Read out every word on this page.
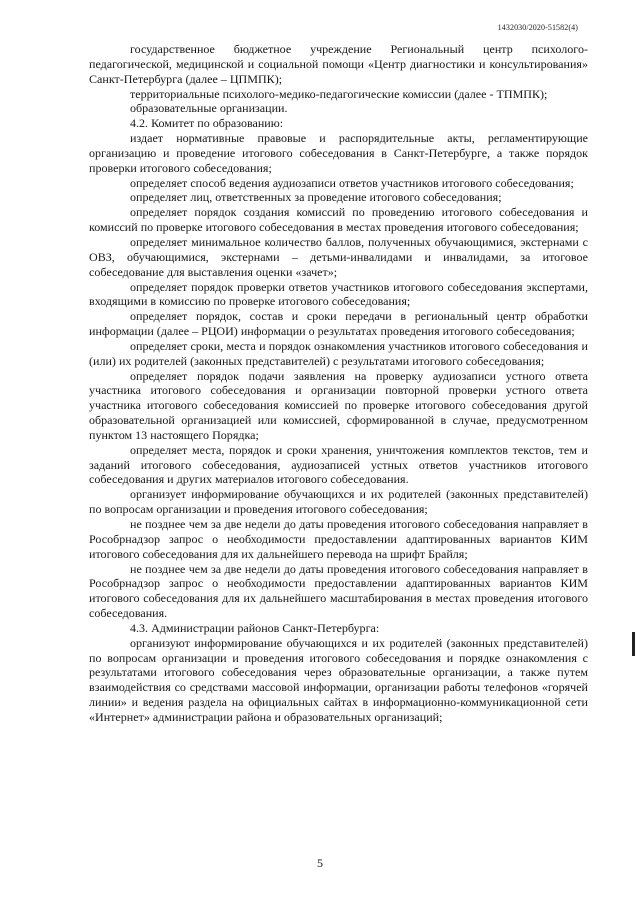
1432030/2020-51582(4)

государственное бюджетное учреждение Региональный центр психолого-педагогической, медицинской и социальной помощи «Центр диагностики и консультирования» Санкт-Петербурга (далее – ЦПМПК);

территориальные психолого-медико-педагогические комиссии (далее - ТПМПК);

образовательные организации.

4.2. Комитет по образованию:

издает нормативные правовые и распорядительные акты, регламентирующие организацию и проведение итогового собеседования в Санкт-Петербурге, а также порядок проверки итогового собеседования;

определяет способ ведения аудиозаписи ответов участников итогового собеседования;

определяет лиц, ответственных за проведение итогового собеседования;

определяет порядок создания комиссий по проведению итогового собеседования и комиссий по проверке итогового собеседования в местах проведения итогового собеседования;

определяет минимальное количество баллов, полученных обучающимися, экстернами с ОВЗ, обучающимися, экстернами – детьми-инвалидами и инвалидами, за итоговое собеседование для выставления оценки «зачет»;

определяет порядок проверки ответов участников итогового собеседования экспертами, входящими в комиссию по проверке итогового собеседования;

определяет порядок, состав и сроки передачи в региональный центр обработки информации (далее – РЦОИ) информации о результатах проведения итогового собеседования;

определяет сроки, места и порядок ознакомления участников итогового собеседования и (или) их родителей (законных представителей) с результатами итогового собеседования;

определяет порядок подачи заявления на проверку аудиозаписи устного ответа участника итогового собеседования и организации повторной проверки устного ответа участника итогового собеседования комиссией по проверке итогового собеседования другой образовательной организацией или комиссией, сформированной в случае, предусмотренном пунктом 13 настоящего Порядка;

определяет места, порядок и сроки хранения, уничтожения комплектов текстов, тем и заданий итогового собеседования, аудиозаписей устных ответов участников итогового собеседования и других материалов итогового собеседования.

организует информирование обучающихся и их родителей (законных представителей) по вопросам организации и проведения итогового собеседования;

не позднее чем за две недели до даты проведения итогового собеседования направляет в Рособрнадзор запрос о необходимости предоставлении адаптированных вариантов КИМ итогового собеседования для их дальнейшего перевода на шрифт Брайля;

не позднее чем за две недели до даты проведения итогового собеседования направляет в Рособрнадзор запрос о необходимости предоставлении адаптированных вариантов КИМ итогового собеседования для их дальнейшего масштабирования в местах проведения итогового собеседования.

4.3. Администрации районов Санкт-Петербурга:

организуют информирование обучающихся и их родителей (законных представителей) по вопросам организации и проведения итогового собеседования и порядке ознакомления с результатами итогового собеседования через образовательные организации, а также путем взаимодействия со средствами массовой информации, организации работы телефонов «горячей линии» и ведения раздела на официальных сайтах в информационно-коммуникационной сети «Интернет» администрации района и образовательных организаций;

5
